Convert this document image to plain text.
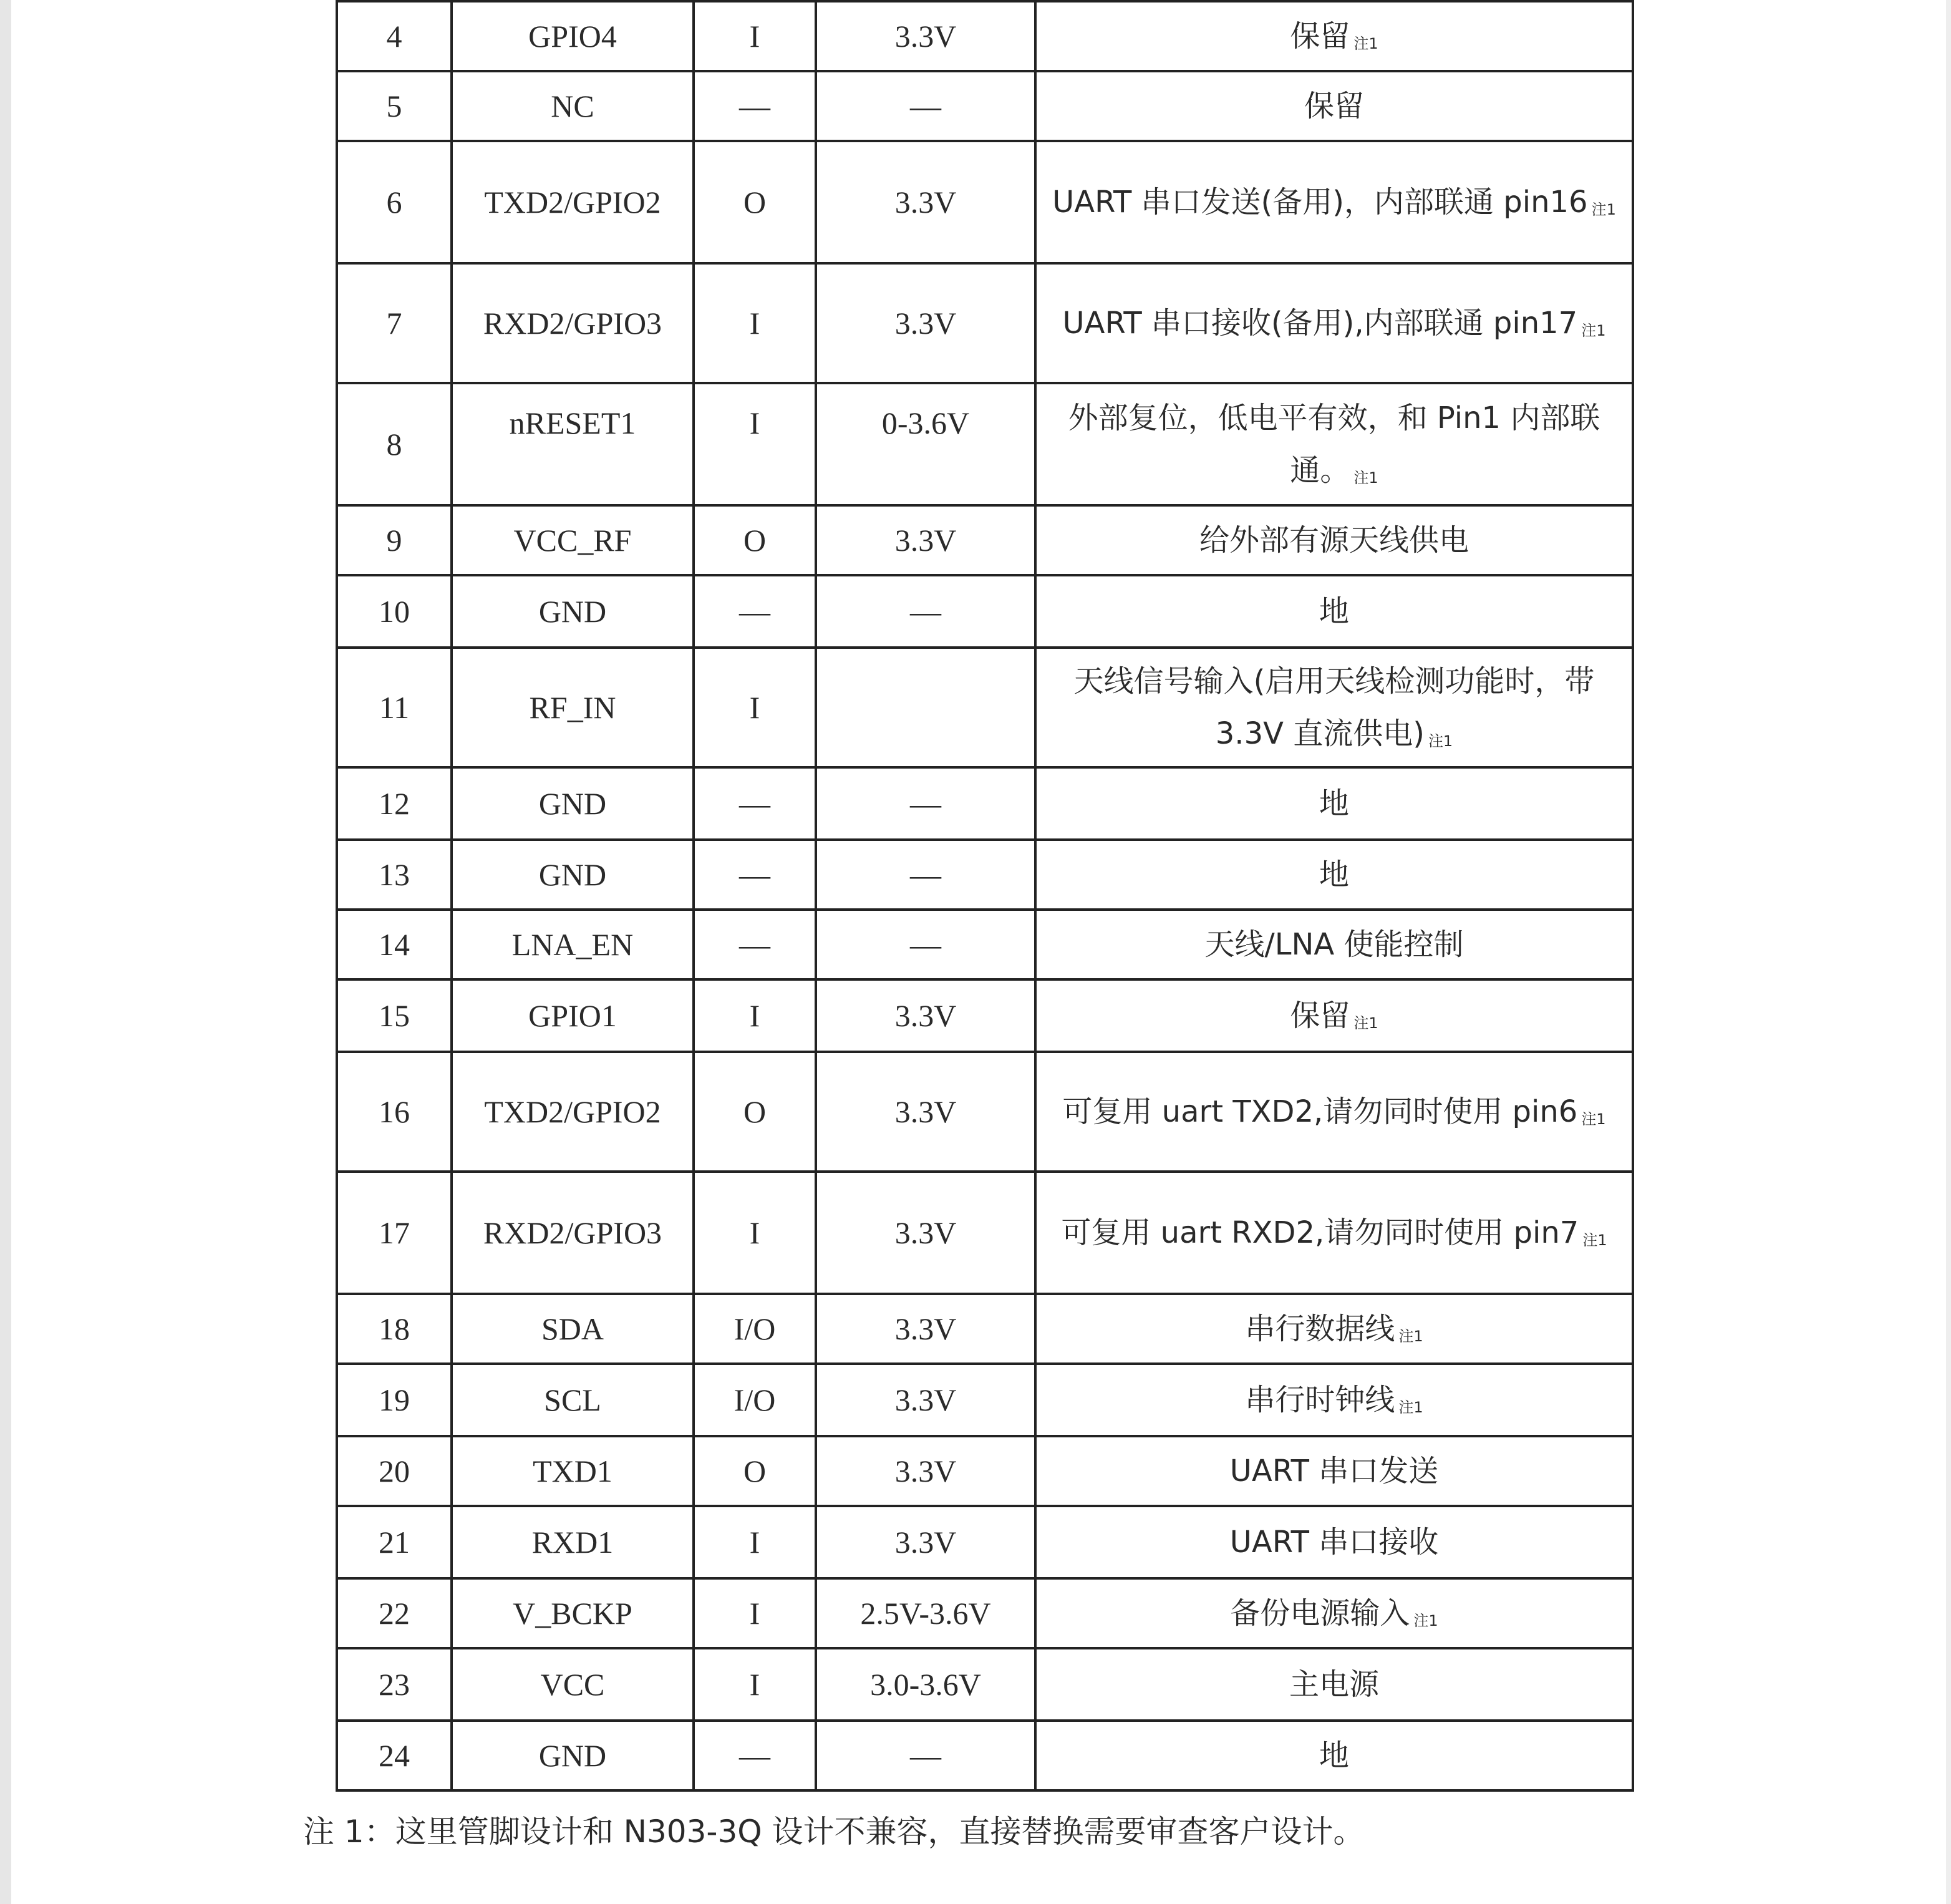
4	GPIO4	I	3.3V	保留 注1
5	NC	—	—	保留
6	TXD2/GPIO2	O	3.3V	UART 串口发送(备用)，内部联通 pin16 注1
7	RXD2/GPIO3	I	3.3V	UART 串口接收(备用),内部联通 pin17 注1
8	nRESET1	I	0-3.6V	外部复位，低电平有效，和 Pin1 内部联通。 注1
9	VCC_RF	O	3.3V	给外部有源天线供电
10	GND	—	—	地
11	RF_IN	I		天线信号输入(启用天线检测功能时，带 3.3V 直流供电) 注1
12	GND	—	—	地
13	GND	—	—	地
14	LNA_EN	—	—	天线/LNA 使能控制
15	GPIO1	I	3.3V	保留 注1
16	TXD2/GPIO2	O	3.3V	可复用 uart TXD2,请勿同时使用 pin6 注1
17	RXD2/GPIO3	I	3.3V	可复用 uart RXD2,请勿同时使用 pin7 注1
18	SDA	I/O	3.3V	串行数据线 注1
19	SCL	I/O	3.3V	串行时钟线 注1
20	TXD1	O	3.3V	UART 串口发送
21	RXD1	I	3.3V	UART 串口接收
22	V_BCKP	I	2.5V-3.6V	备份电源输入 注1
23	VCC	I	3.0-3.6V	主电源
24	GND	—	—	地
注 1：这里管脚设计和 N303-3Q 设计不兼容，直接替换需要审查客户设计。
